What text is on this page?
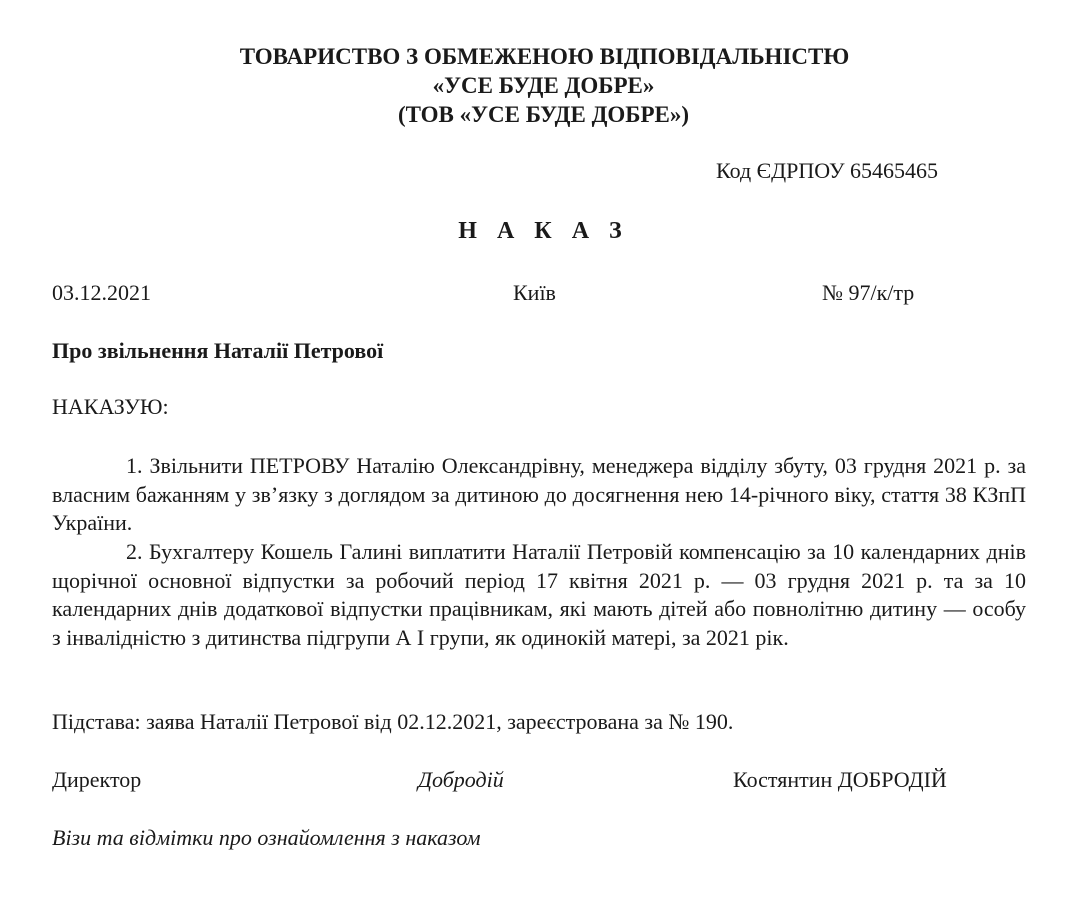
ТОВАРИСТВО З ОБМЕЖЕНОЮ ВІДПОВІДАЛЬНІСТЮ
«УСЕ БУДЕ ДОБРЕ»
(ТОВ «УСЕ БУДЕ ДОБРЕ»)
Код ЄДРПОУ 65465465
Н А К А З
03.12.2021	Київ	№ 97/к/тр
Про звільнення Наталії Петрової
НАКАЗУЮ:
1. Звільнити ПЕТРОВУ Наталію Олександрівну, менеджера відділу збуту, 03 грудня 2021 р. за власним бажанням у зв’язку з доглядом за дитиною до досягнення нею 14-річного віку, стаття 38 КЗпП України.
2. Бухгалтеру Кошель Галині виплатити Наталії Петровій компенсацію за 10 календарних днів щорічної основної відпустки за робочий період 17 квітня 2021 р. — 03 грудня 2021 р. та за 10 календарних днів додаткової відпустки працівникам, які мають дітей або повнолітню дитину — особу з інвалідністю з дитинства підгрупи А І групи, як одинокій матері, за 2021 рік.
Підстава: заява Наталії Петрової від 02.12.2021, зареєстрована за № 190.
Директор	Добродій	Костянтин ДОБРОДІЙ
Візи та відмітки про ознайомлення з наказом
